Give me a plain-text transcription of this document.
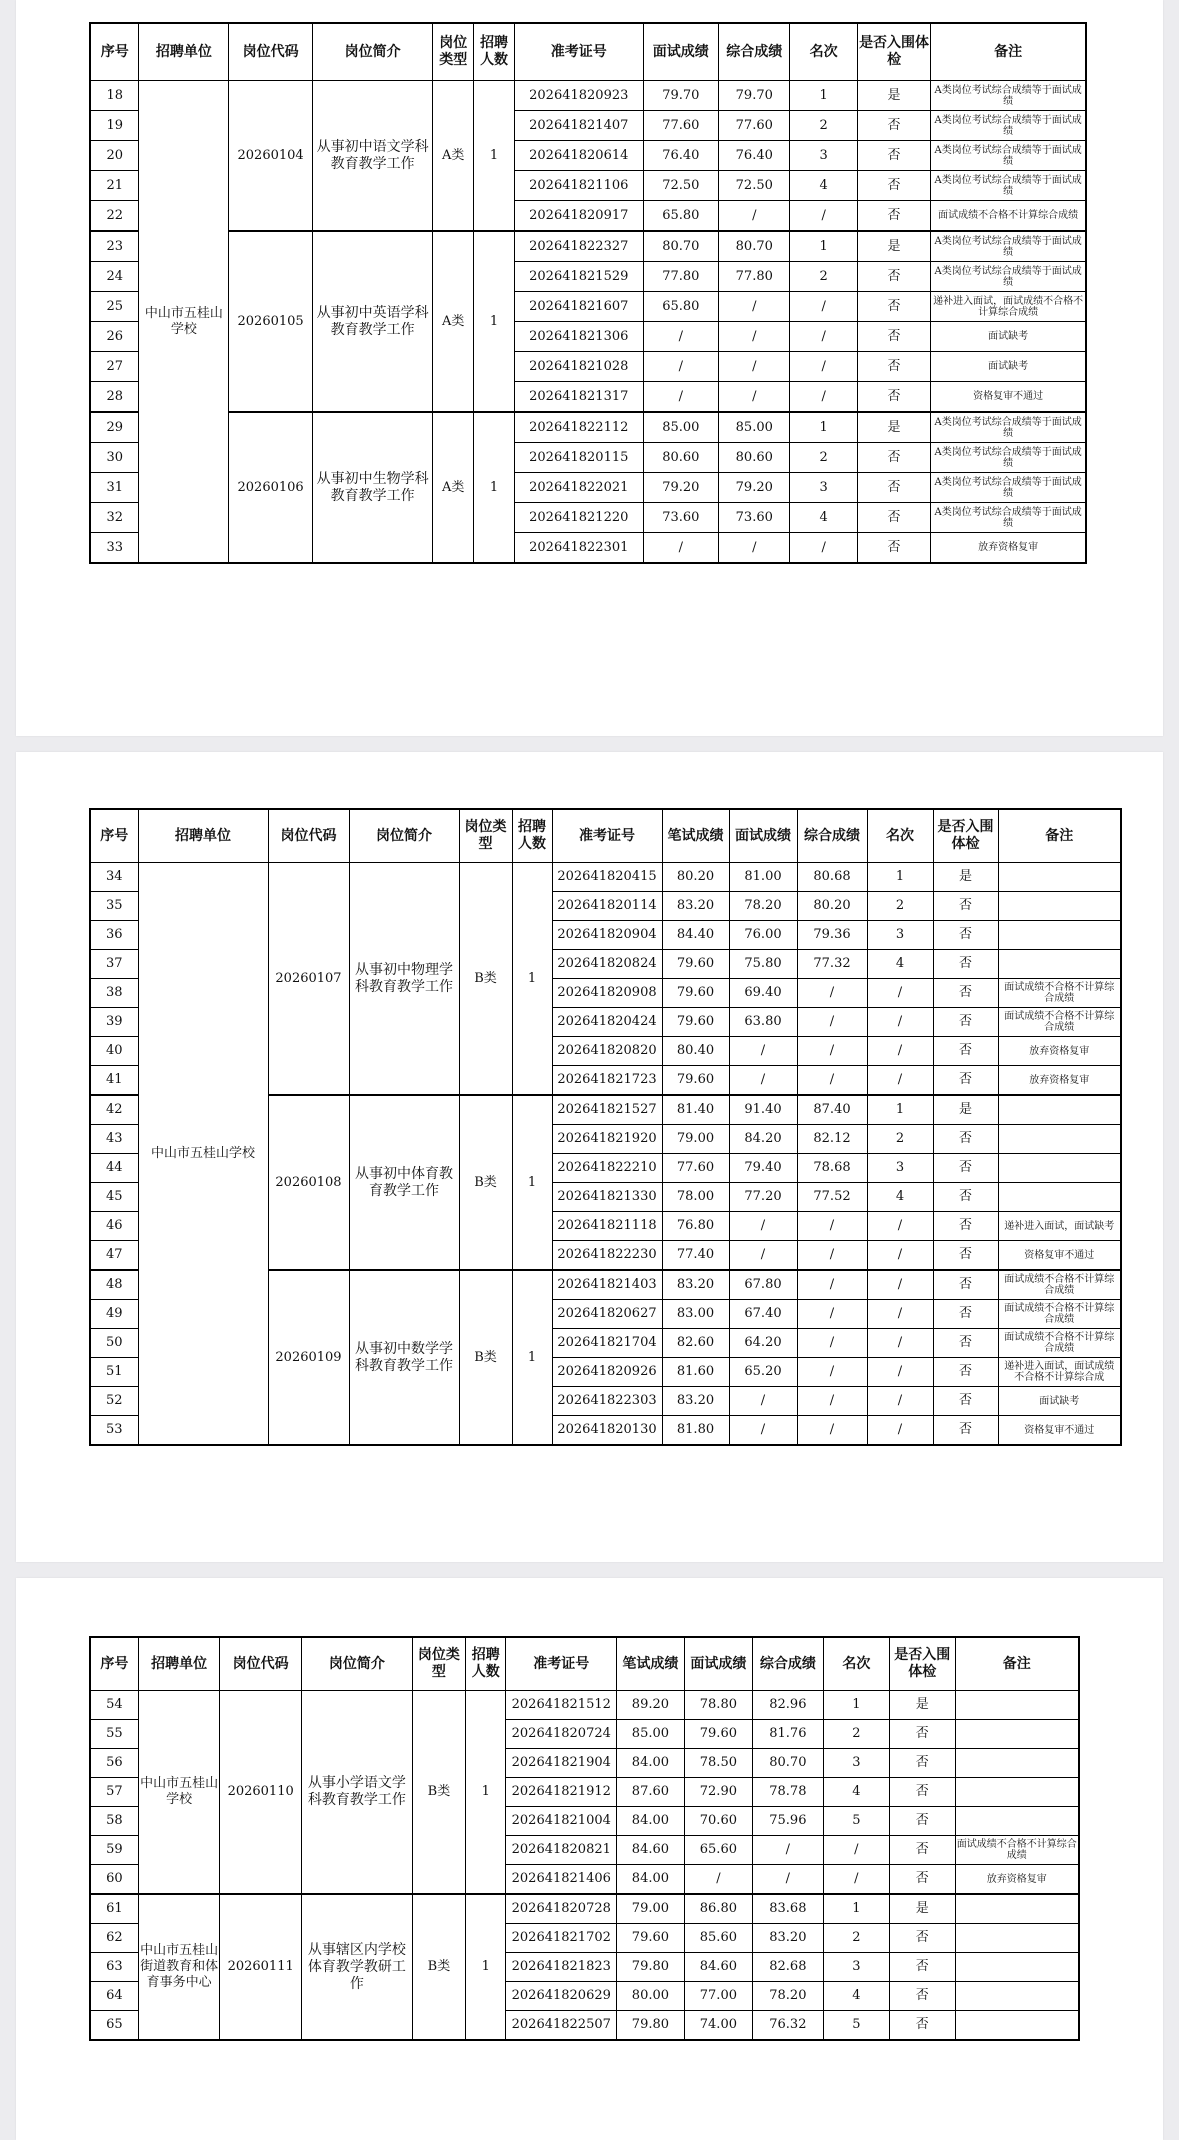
序号	招聘单位	岗位代码	岗位简介	岗位类型	招聘人数	准考证号	面试成绩	综合成绩	名次	是否入围体检	备注
18	中山市五桂山学校	20260104	从事初中语文学科教育教学工作	A类	1	202641820923	79.70	79.70	1	是	A类岗位考试综合成绩等于面试成绩
19						202641821407	77.60	77.60	2	否	A类岗位考试综合成绩等于面试成绩
20						202641820614	76.40	76.40	3	否	A类岗位考试综合成绩等于面试成绩
21						202641821106	72.50	72.50	4	否	A类岗位考试综合成绩等于面试成绩
22						202641820917	65.80	/	/	否	面试成绩不合格不计算综合成绩
23		20260105	从事初中英语学科教育教学工作	A类	1	202641822327	80.70	80.70	1	是	A类岗位考试综合成绩等于面试成绩
24						202641821529	77.80	77.80	2	否	A类岗位考试综合成绩等于面试成绩
25						202641821607	65.80	/	/	否	递补进入面试，面试成绩不合格不计算综合成绩
26						202641821306	/	/	/	否	面试缺考
27						202641821028	/	/	/	否	面试缺考
28						202641821317	/	/	/	否	资格复审不通过
29		20260106	从事初中生物学科教育教学工作	A类	1	202641822112	85.00	85.00	1	是	A类岗位考试综合成绩等于面试成绩
30						202641820115	80.60	80.60	2	否	A类岗位考试综合成绩等于面试成绩
31						202641822021	79.20	79.20	3	否	A类岗位考试综合成绩等于面试成绩
32						202641821220	73.60	73.60	4	否	A类岗位考试综合成绩等于面试成绩
33						202641822301	/	/	/	否	放弃资格复审
序号	招聘单位	岗位代码	岗位简介	岗位类型	招聘人数	准考证号	笔试成绩	面试成绩	综合成绩	名次	是否入围体检	备注
34	中山市五桂山学校	20260107	从事初中物理学科教育教学工作	B类	1	202641820415	80.20	81.00	80.68	1	是	
35						202641820114	83.20	78.20	80.20	2	否	
36						202641820904	84.40	76.00	79.36	3	否	
37						202641820824	79.60	75.80	77.32	4	否	
38						202641820908	79.60	69.40	/	/	否	面试成绩不合格不计算综合成绩
39						202641820424	79.60	63.80	/	/	否	面试成绩不合格不计算综合成绩
40						202641820820	80.40	/	/	/	否	放弃资格复审
41						202641821723	79.60	/	/	/	否	放弃资格复审
42		20260108	从事初中体育教育教学工作	B类	1	202641821527	81.40	91.40	87.40	1	是	
43						202641821920	79.00	84.20	82.12	2	否	
44						202641822210	77.60	79.40	78.68	3	否	
45						202641821330	78.00	77.20	77.52	4	否	
46						202641821118	76.80	/	/	/	否	递补进入面试，面试缺考
47						202641822230	77.40	/	/	/	否	资格复审不通过
48		20260109	从事初中数学学科教育教学工作	B类	1	202641821403	83.20	67.80	/	/	否	面试成绩不合格不计算综合成绩
49						202641820627	83.00	67.40	/	/	否	面试成绩不合格不计算综合成绩
50						202641821704	82.60	64.20	/	/	否	面试成绩不合格不计算综合成绩
51						202641820926	81.60	65.20	/	/	否	递补进入面试，面试成绩不合格不计算综合成
52						202641822303	83.20	/	/	/	否	面试缺考
53						202641820130	81.80	/	/	/	否	资格复审不通过
序号	招聘单位	岗位代码	岗位简介	岗位类型	招聘人数	准考证号	笔试成绩	面试成绩	综合成绩	名次	是否入围体检	备注
54	中山市五桂山学校	20260110	从事小学语文学科教育教学工作	B类	1	202641821512	89.20	78.80	82.96	1	是	
55						202641820724	85.00	79.60	81.76	2	否	
56						202641821904	84.00	78.50	80.70	3	否	
57						202641821912	87.60	72.90	78.78	4	否	
58						202641821004	84.00	70.60	75.96	5	否	
59						202641820821	84.60	65.60	/	/	否	面试成绩不合格不计算综合成绩
60						202641821406	84.00	/	/	/	否	放弃资格复审
61	中山市五桂山街道教育和体育事务中心	20260111	从事辖区内学校体育教学教研工作	B类	1	202641820728	79.00	86.80	83.68	1	是	
62						202641821702	79.60	85.60	83.20	2	否	
63						202641821823	79.80	84.60	82.68	3	否	
64						202641820629	80.00	77.00	78.20	4	否	
65						202641822507	79.80	74.00	76.32	5	否	
